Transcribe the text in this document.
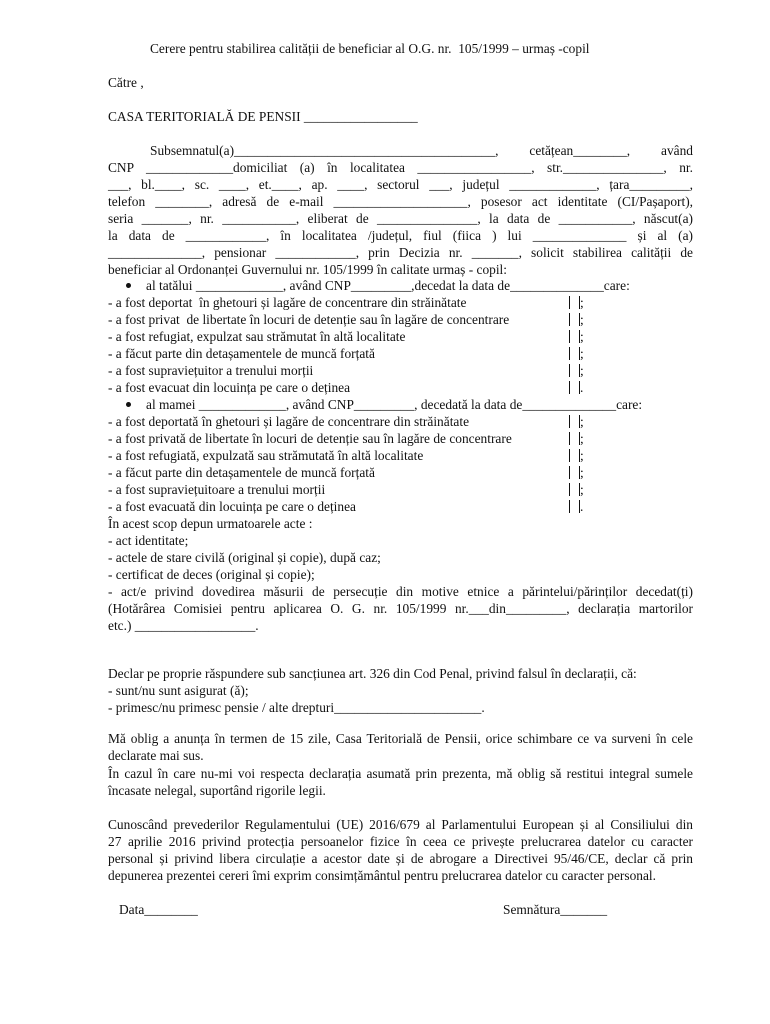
Cerere pentru stabilirea calității de beneficiar al O.G. nr.  105/1999 – urmaș -copil
Către ,
CASA TERITORIALĂ DE PENSII _________________
Subsemnatul(a)_______________________________________, cetățean________, având
CNP _____________domiciliat (a) în localitatea _________________, str._______________, nr.
___, bl.____, sc. ____, et.____, ap. ____, sectorul ___, județul _____________, țara_________,
telefon ________, adresă de e-mail ____________________, posesor act identitate (CI/Pașaport),
seria _______, nr. ___________, eliberat de _______________, la data de ___________, născut(a)
la data de ____________, în localitatea /județul, fiul (fiica ) lui ______________ și al (a)
______________, pensionar ____________, prin Decizia nr. _______, solicit stabilirea calității de
beneficiar al Ordonanței Guvernului nr. 105/1999 în calitate urmaș - copil:
al tatălui _____________, având CNP_________,decedat la data de______________care:
- a fost deportat  în ghetouri și lagăre de concentrare din străinătate	;
- a fost privat  de libertate în locuri de detenție sau în lagăre de concentrare	;
- a fost refugiat, expulzat sau strămutat în altă localitate	;
- a făcut parte din detașamentele de muncă forțată	;
- a fost supraviețuitor a trenului morții	;
- a fost evacuat din locuința pe care o deținea	.
al mamei _____________, având CNP_________, decedată la data de______________care:
- a fost deportată în ghetouri și lagăre de concentrare din străinătate	;
- a fost privată de libertate în locuri de detenție sau în lagăre de concentrare	;
- a fost refugiată, expulzată sau strămutată în altă localitate	;
- a făcut parte din detașamentele de muncă forțată	;
- a fost supraviețuitoare a trenului morții	;
- a fost evacuată din locuința pe care o deținea	.
În acest scop depun urmatoarele acte :
- act identitate;
- actele de stare civilă (original și copie), după caz;
- certificat de deces (original și copie);
- act/e privind dovedirea măsurii de persecuție din motive etnice a părintelui/părinților decedat(ți)
(Hotărârea Comisiei pentru aplicarea O. G. nr. 105/1999 nr.___din_________, declarația martorilor
etc.) __________________.
Declar pe proprie răspundere sub sancțiunea art. 326 din Cod Penal, privind falsul în declarații, că:
- sunt/nu sunt asigurat (ă);
- primesc/nu primesc pensie / alte drepturi______________________.
Mă oblig a anunța în termen de 15 zile, Casa Teritorială de Pensii, orice schimbare ce va surveni în cele
declarate mai sus.
În cazul în care nu-mi voi respecta declarația asumată prin prezenta, mă oblig să restitui integral sumele
încasate nelegal, suportând rigorile legii.
Cunoscând prevederilor Regulamentului (UE) 2016/679 al Parlamentului European și al Consiliului din
27 aprilie 2016 privind protecția persoanelor fizice în ceea ce privește prelucrarea datelor cu caracter
personal și privind libera circulație a acestor date și de abrogare a Directivei 95/46/CE, declar că prin
depunerea prezentei cereri îmi exprim consimțământul pentru prelucrarea datelor cu caracter personal.
Data________	Semnătura_______
